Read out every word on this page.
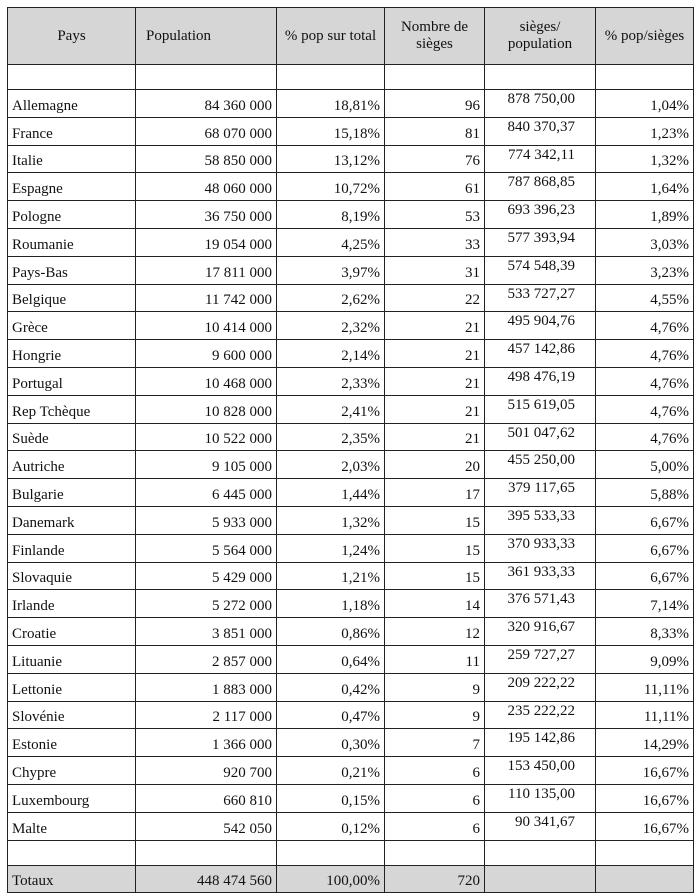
Pays	Population	% pop sur total	Nombre de sièges	sièges/ population	% pop/sièges

Allemagne	84 360 000	18,81%	96	878 750,00	1,04%
France	68 070 000	15,18%	81	840 370,37	1,23%
Italie	58 850 000	13,12%	76	774 342,11	1,32%
Espagne	48 060 000	10,72%	61	787 868,85	1,64%
Pologne	36 750 000	8,19%	53	693 396,23	1,89%
Roumanie	19 054 000	4,25%	33	577 393,94	3,03%
Pays-Bas	17 811 000	3,97%	31	574 548,39	3,23%
Belgique	11 742 000	2,62%	22	533 727,27	4,55%
Grèce	10 414 000	2,32%	21	495 904,76	4,76%
Hongrie	9 600 000	2,14%	21	457 142,86	4,76%
Portugal	10 468 000	2,33%	21	498 476,19	4,76%
Rep Tchèque	10 828 000	2,41%	21	515 619,05	4,76%
Suède	10 522 000	2,35%	21	501 047,62	4,76%
Autriche	9 105 000	2,03%	20	455 250,00	5,00%
Bulgarie	6 445 000	1,44%	17	379 117,65	5,88%
Danemark	5 933 000	1,32%	15	395 533,33	6,67%
Finlande	5 564 000	1,24%	15	370 933,33	6,67%
Slovaquie	5 429 000	1,21%	15	361 933,33	6,67%
Irlande	5 272 000	1,18%	14	376 571,43	7,14%
Croatie	3 851 000	0,86%	12	320 916,67	8,33%
Lituanie	2 857 000	0,64%	11	259 727,27	9,09%
Lettonie	1 883 000	0,42%	9	209 222,22	11,11%
Slovénie	2 117 000	0,47%	9	235 222,22	11,11%
Estonie	1 366 000	0,30%	7	195 142,86	14,29%
Chypre	920 700	0,21%	6	153 450,00	16,67%
Luxembourg	660 810	0,15%	6	110 135,00	16,67%
Malte	542 050	0,12%	6	90 341,67	16,67%

Totaux	448 474 560	100,00%	720		
